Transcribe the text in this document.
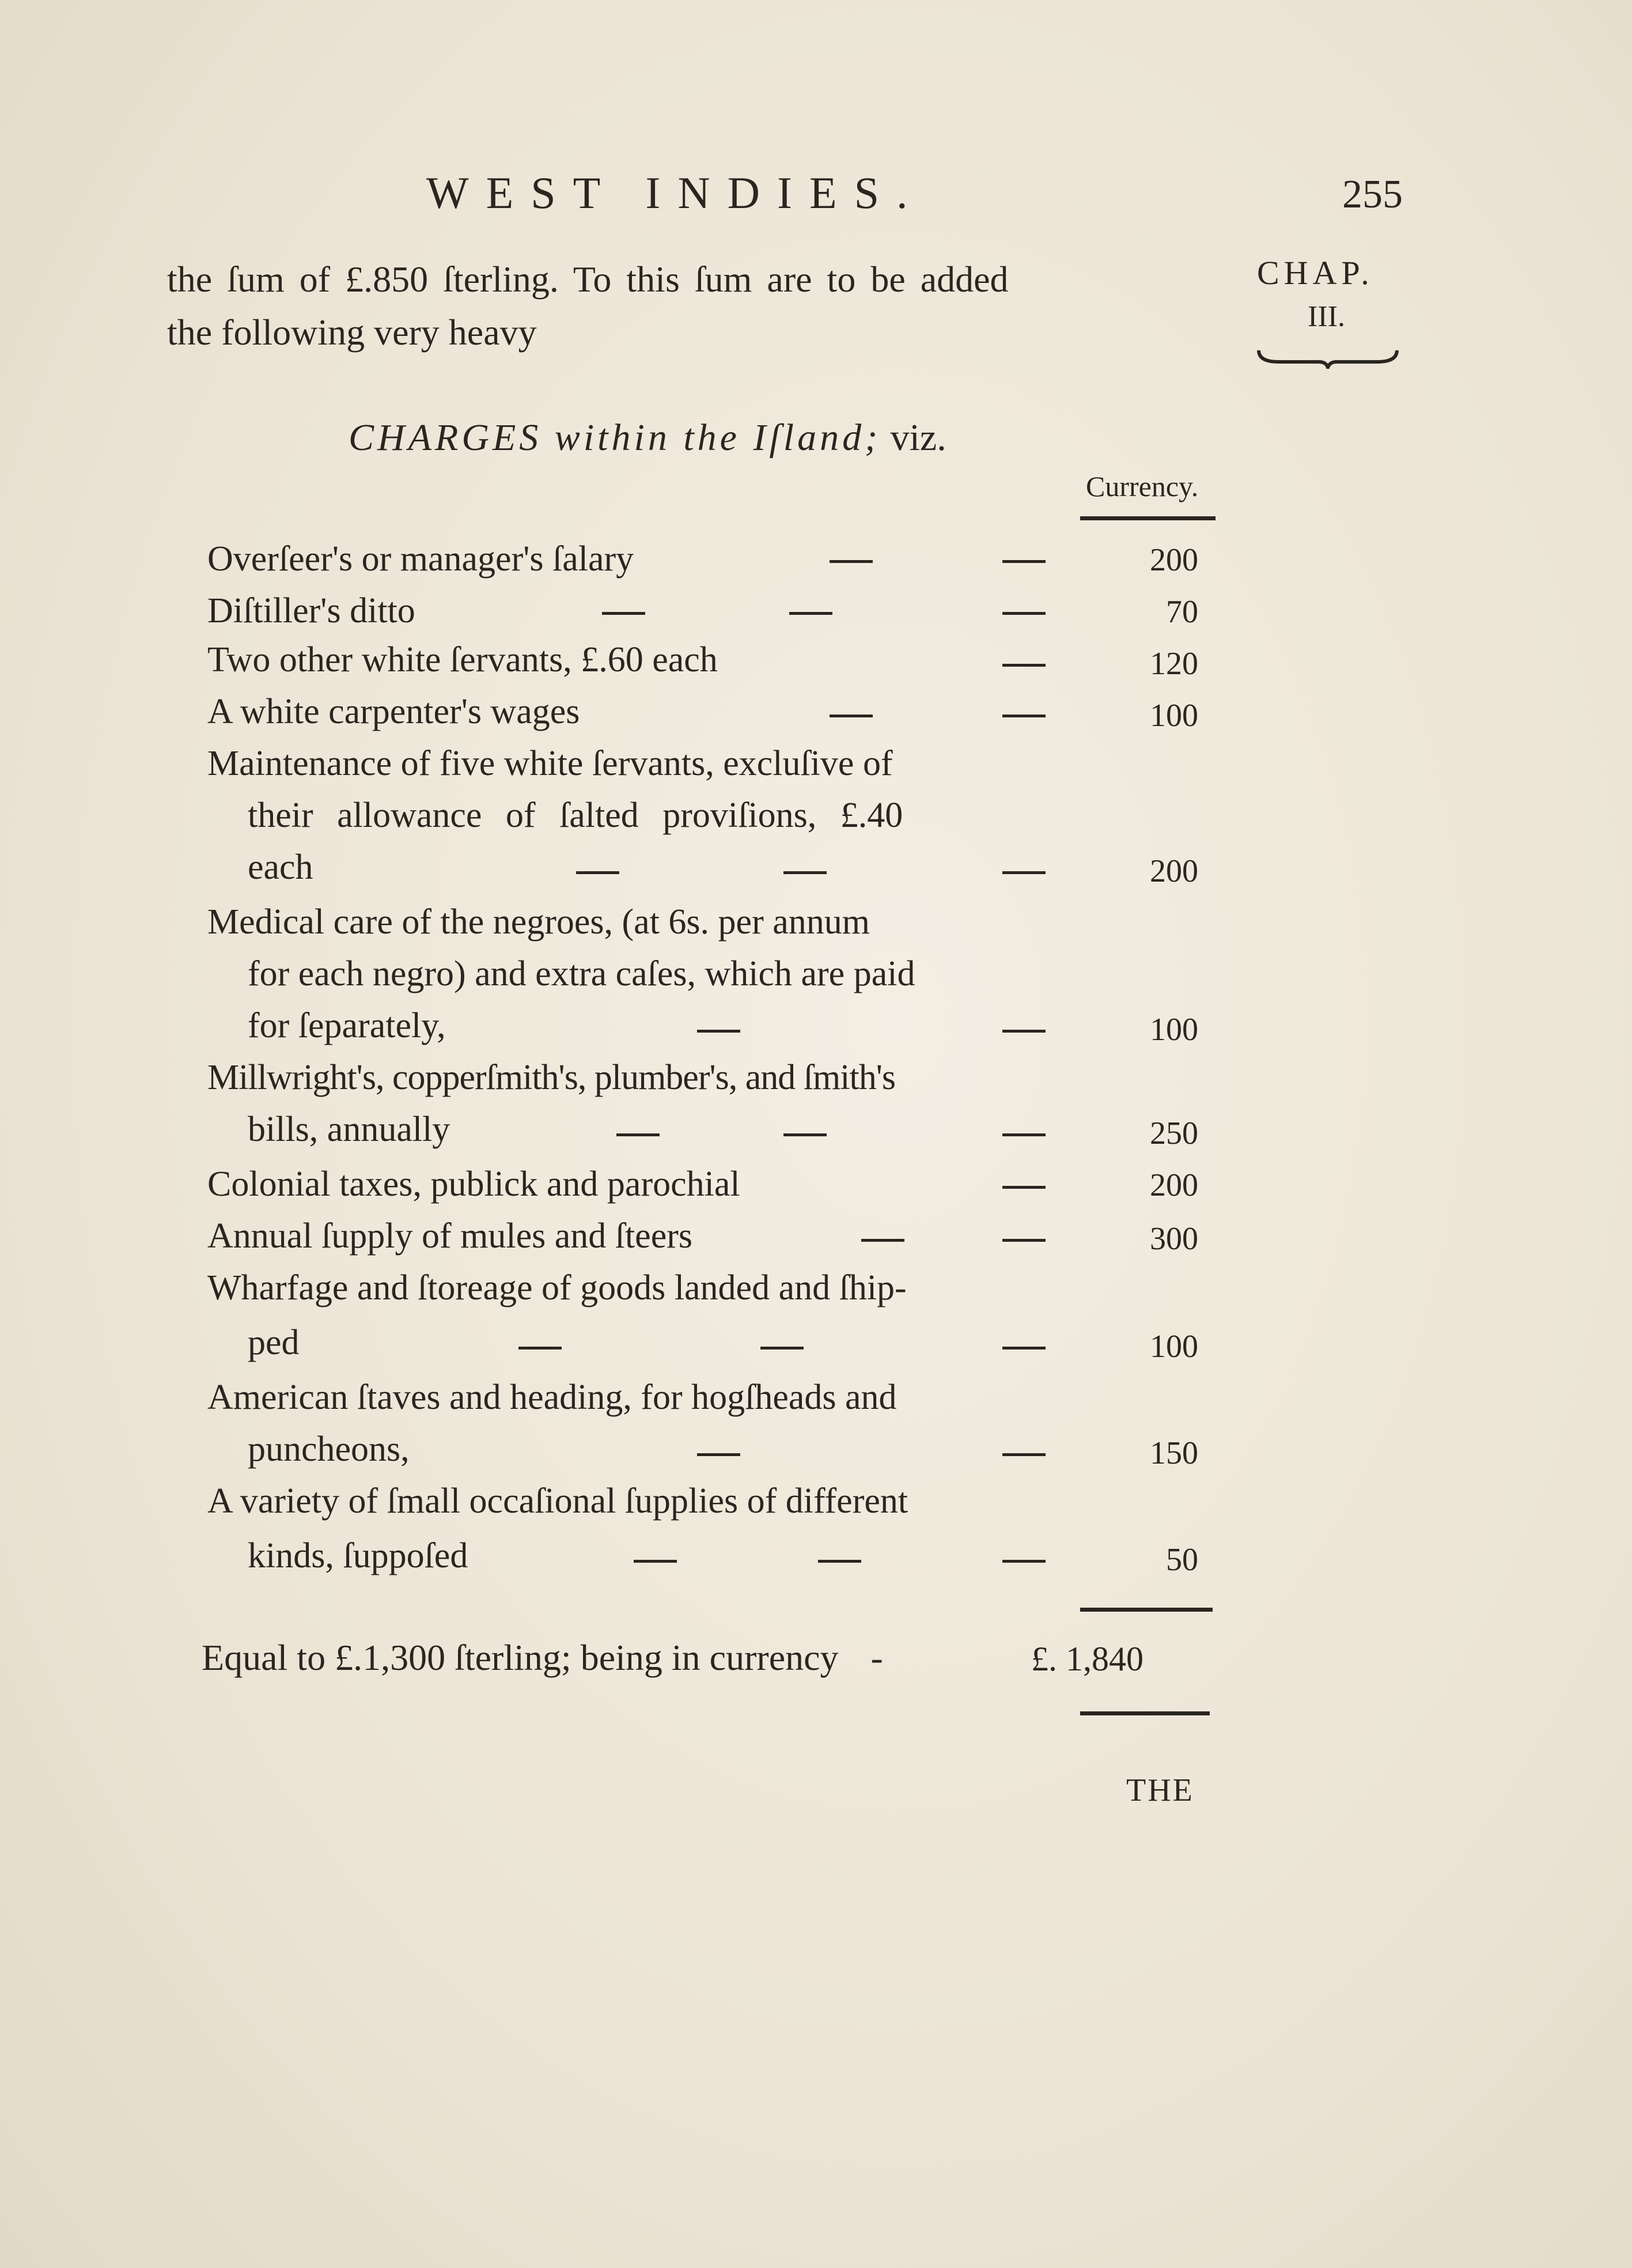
WEST INDIES.	255
CHAP.
III.
the ſum of £.850 ſterling. To this ſum are to be added
the following very heavy
CHARGES within the Iſland; viz.
Currency.
Overſeer's or manager's ſalary	200
Diſtiller's ditto	70
Two other white ſervants, £.60 each	120
A white carpenter's wages	100
Maintenance of five white ſervants, excluſive of
their allowance of ſalted proviſions, £.40
each	200
Medical care of the negroes, (at 6s. per annum
for each negro) and extra caſes, which are paid
for ſeparately,	100
Millwright's, copperſmith's, plumber's, and ſmith's
bills, annually	250
Colonial taxes, publick and parochial	200
Annual ſupply of mules and ſteers	300
Wharfage and ſtoreage of goods landed and ſhip-
ped	100
American ſtaves and heading, for hogſheads and
puncheons,	150
A variety of ſmall occaſional ſupplies of different
kinds, ſuppoſed	50
Equal to £.1,300 ſterling; being in currency -	£. 1,840
THE
